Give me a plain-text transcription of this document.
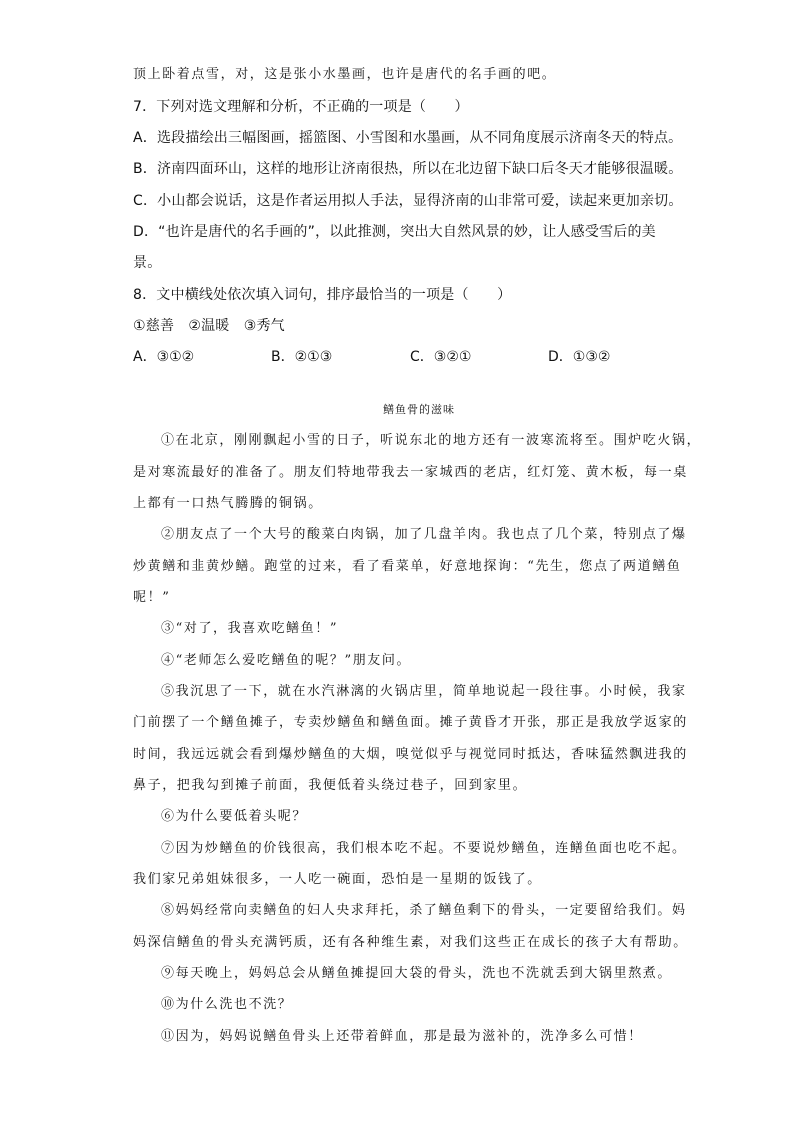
顶上卧着点雪，对，这是张小水墨画，也许是唐代的名手画的吧。
7．下列对选文理解和分析，不正确的一项是（　　）
A．选段描绘出三幅图画，摇篮图、小雪图和水墨画，从不同角度展示济南冬天的特点。
B．济南四面环山，这样的地形让济南很热，所以在北边留下缺口后冬天才能够很温暖。
C．小山都会说话，这是作者运用拟人手法，显得济南的山非常可爱，读起来更加亲切。
D．“也许是唐代的名手画的”，以此推测，突出大自然风景的妙，让人感受雪后的美
景。
8．文中横线处依次填入词句，排序最恰当的一项是（　　）
①慈善　②温暖　③秀气
A．③①②	B．②①③	C．③②①	D．①③②
鳝鱼骨的滋味
①在北京，刚刚飘起小雪的日子，听说东北的地方还有一波寒流将至。围炉吃火锅，
是对寒流最好的准备了。朋友们特地带我去一家城西的老店，红灯笼、黄木板，每一桌
上都有一口热气腾腾的铜锅。
②朋友点了一个大号的酸菜白肉锅，加了几盘羊肉。我也点了几个菜，特别点了爆
炒黄鳝和韭黄炒鳝。跑堂的过来，看了看菜单，好意地探询：“先生，您点了两道鳝鱼
呢！”
③“对了，我喜欢吃鳝鱼！”
④“老师怎么爱吃鳝鱼的呢？”朋友问。
⑤我沉思了一下，就在水汽淋漓的火锅店里，简单地说起一段往事。小时候，我家
门前摆了一个鳝鱼摊子，专卖炒鳝鱼和鳝鱼面。摊子黄昏才开张，那正是我放学返家的
时间，我远远就会看到爆炒鳝鱼的大烟，嗅觉似乎与视觉同时抵达，香味猛然飘进我的
鼻子，把我勾到摊子前面，我便低着头绕过巷子，回到家里。
⑥为什么要低着头呢？
⑦因为炒鳝鱼的价钱很高，我们根本吃不起。不要说炒鳝鱼，连鳝鱼面也吃不起。
我们家兄弟姐妹很多，一人吃一碗面，恐怕是一星期的饭钱了。
⑧妈妈经常向卖鳝鱼的妇人央求拜托，杀了鳝鱼剩下的骨头，一定要留给我们。妈
妈深信鳝鱼的骨头充满钙质，还有各种维生素，对我们这些正在成长的孩子大有帮助。
⑨每天晚上，妈妈总会从鳝鱼摊提回大袋的骨头，洗也不洗就丢到大锅里熬煮。
⑩为什么洗也不洗？
⑪因为，妈妈说鳝鱼骨头上还带着鲜血，那是最为滋补的，洗净多么可惜！
